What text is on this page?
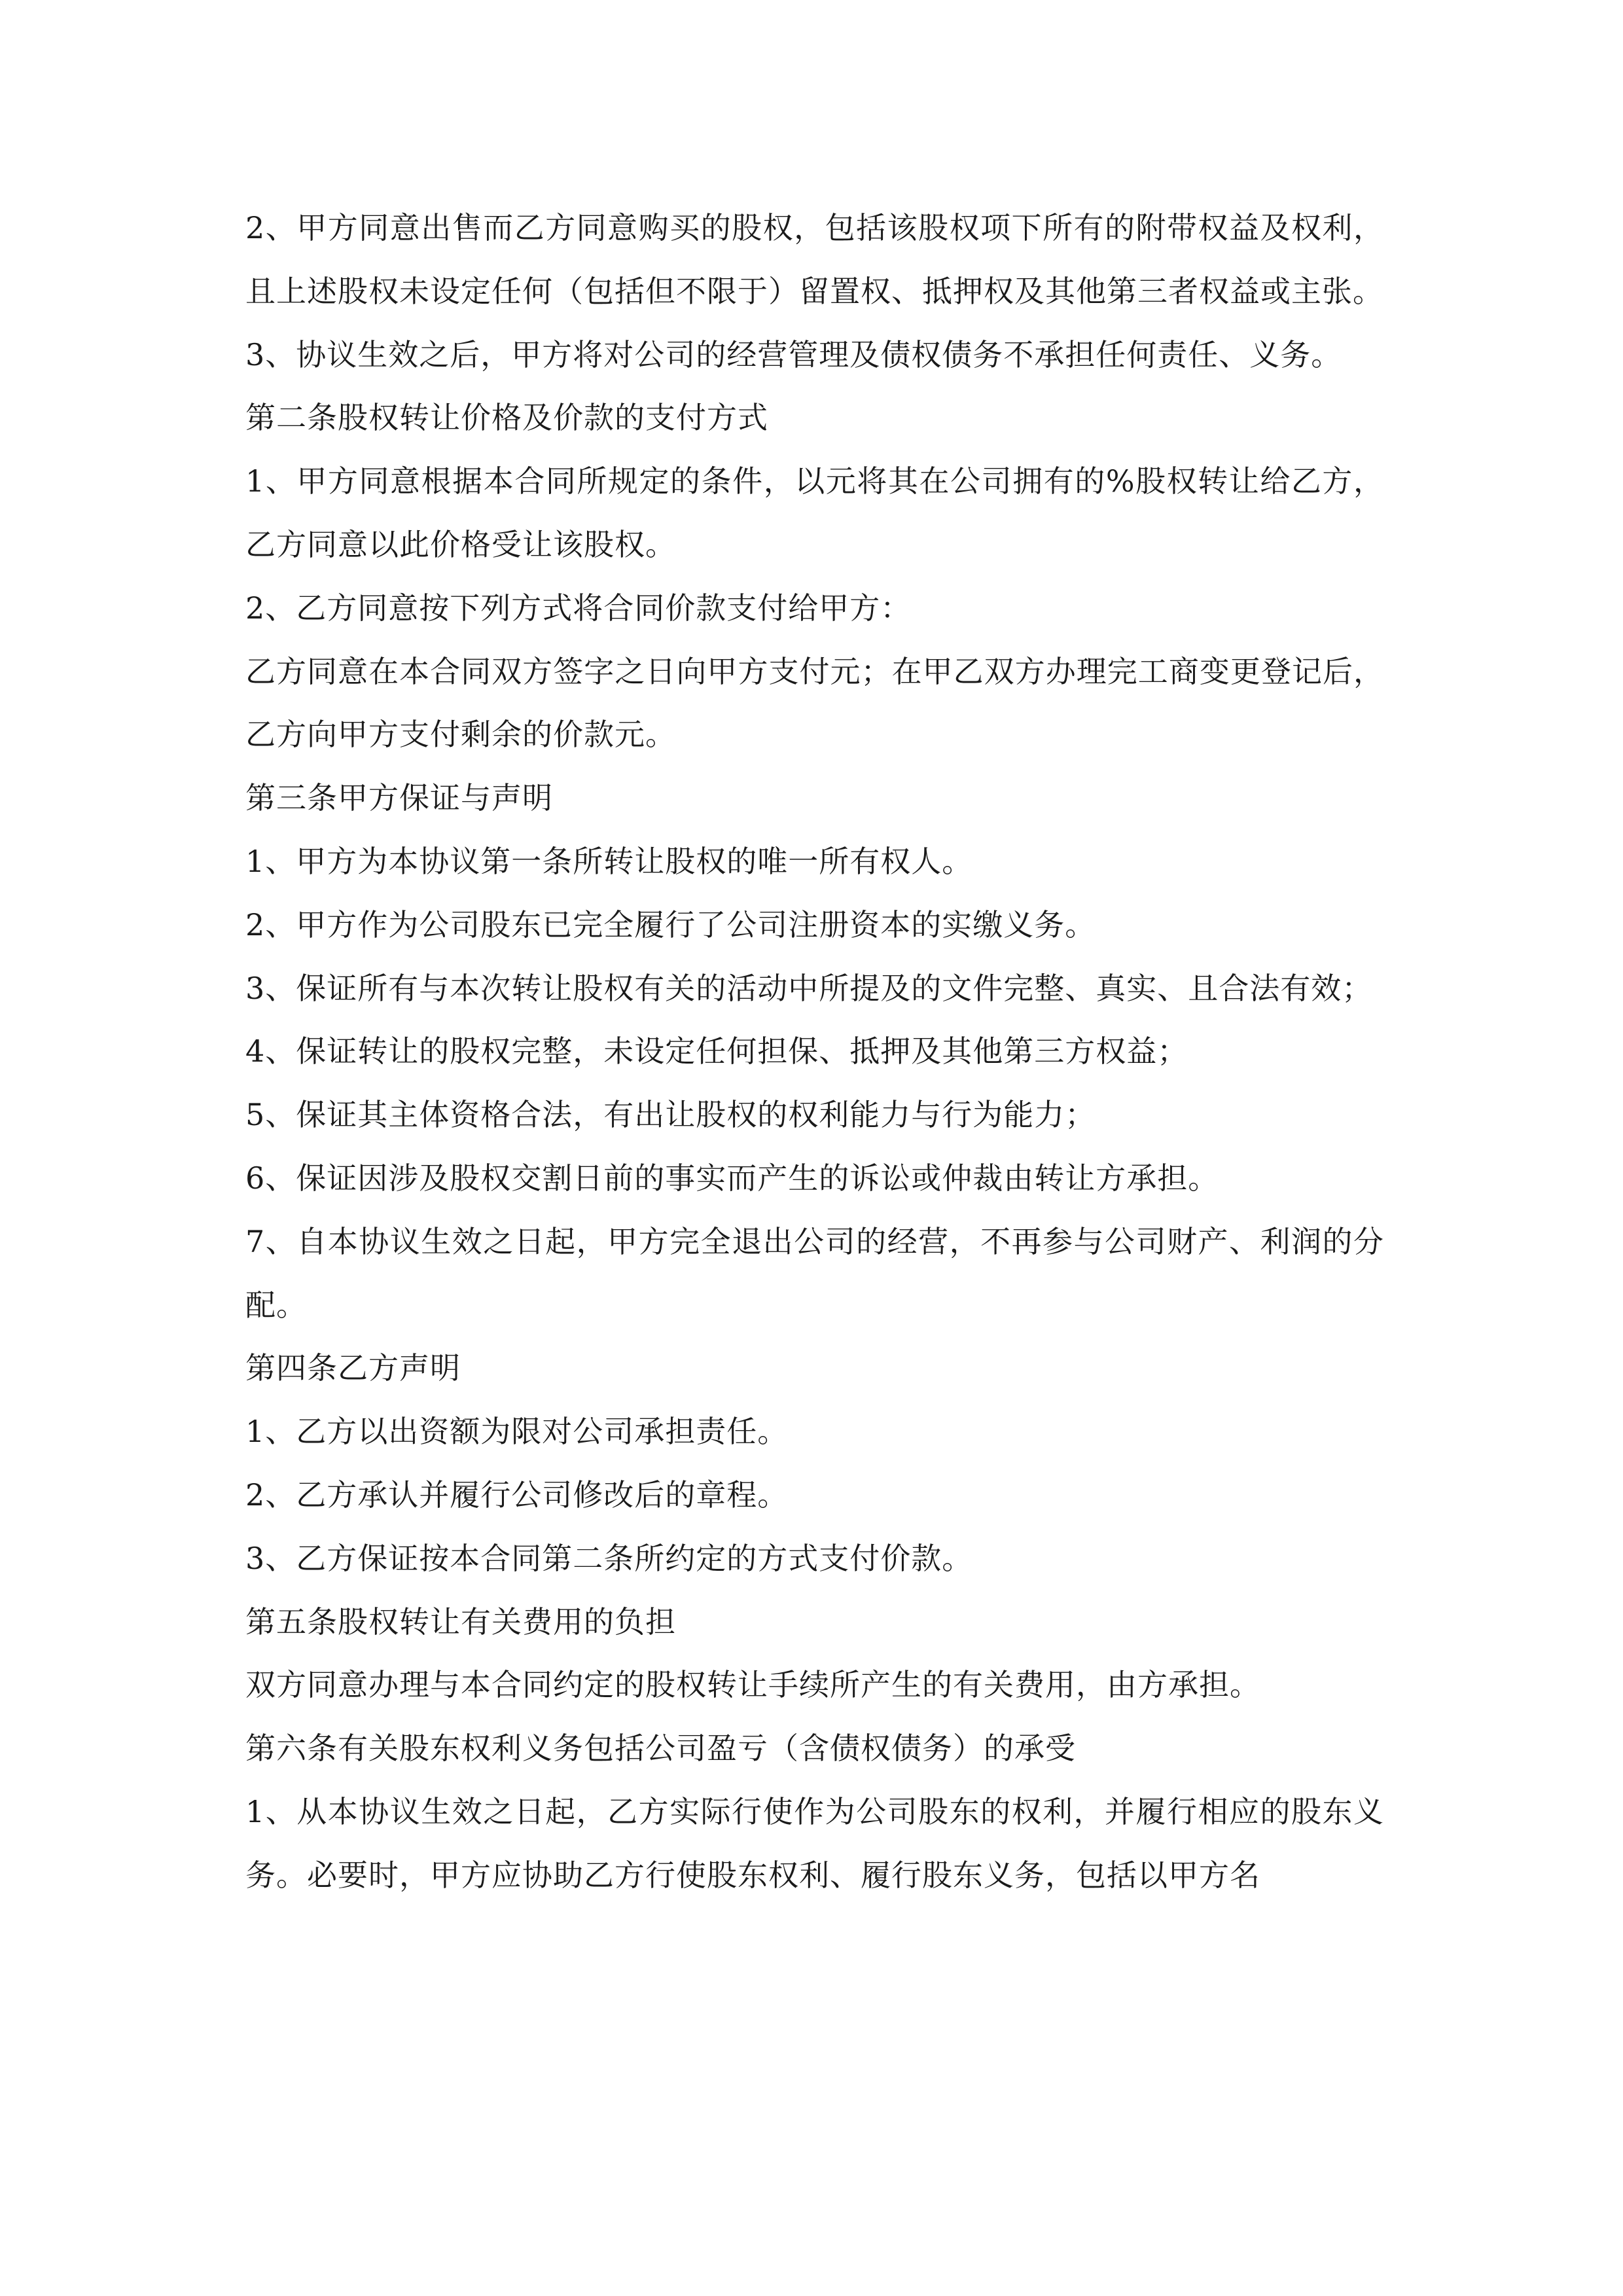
2、甲方同意出售而乙方同意购买的股权，包括该股权项下所有的附带权益及权利，且上述股权未设定任何（包括但不限于）留置权、抵押权及其他第三者权益或主张。

3、协议生效之后，甲方将对公司的经营管理及债权债务不承担任何责任、义务。

第二条股权转让价格及价款的支付方式

1、甲方同意根据本合同所规定的条件，以元将其在公司拥有的%股权转让给乙方，乙方同意以此价格受让该股权。

2、乙方同意按下列方式将合同价款支付给甲方：

乙方同意在本合同双方签字之日向甲方支付元；在甲乙双方办理完工商变更登记后，乙方向甲方支付剩余的价款元。

第三条甲方保证与声明

1、甲方为本协议第一条所转让股权的唯一所有权人。

2、甲方作为公司股东已完全履行了公司注册资本的实缴义务。

3、保证所有与本次转让股权有关的活动中所提及的文件完整、真实、且合法有效；

4、保证转让的股权完整，未设定任何担保、抵押及其他第三方权益；

5、保证其主体资格合法，有出让股权的权利能力与行为能力；

6、保证因涉及股权交割日前的事实而产生的诉讼或仲裁由转让方承担。

7、自本协议生效之日起，甲方完全退出公司的经营，不再参与公司财产、利润的分配。

第四条乙方声明

1、乙方以出资额为限对公司承担责任。

2、乙方承认并履行公司修改后的章程。

3、乙方保证按本合同第二条所约定的方式支付价款。

第五条股权转让有关费用的负担

双方同意办理与本合同约定的股权转让手续所产生的有关费用，由方承担。

第六条有关股东权利义务包括公司盈亏（含债权债务）的承受

1、从本协议生效之日起，乙方实际行使作为公司股东的权利，并履行相应的股东义务。必要时，甲方应协助乙方行使股东权利、履行股东义务，包括以甲方名
